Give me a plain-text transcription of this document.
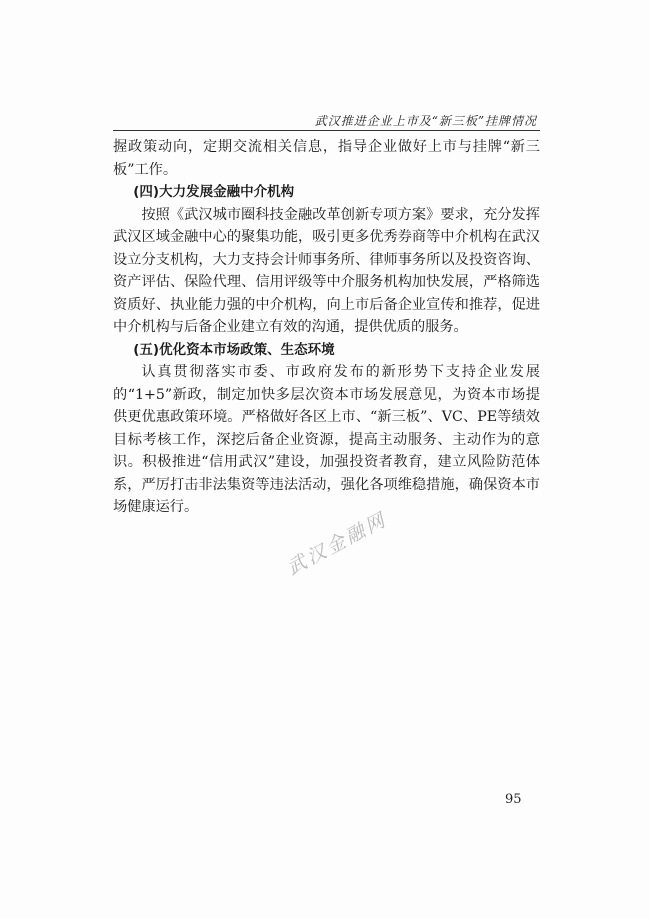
武汉推进企业上市及“新三板”挂牌情况

握政策动向，定期交流相关信息，指导企业做好上市与挂牌“新三板”工作。

(四)大力发展金融中介机构

按照《武汉城市圈科技金融改革创新专项方案》要求，充分发挥武汉区域金融中心的聚集功能，吸引更多优秀券商等中介机构在武汉设立分支机构，大力支持会计师事务所、律师事务所以及投资咨询、资产评估、保险代理、信用评级等中介服务机构加快发展，严格筛选资质好、执业能力强的中介机构，向上市后备企业宣传和推荐，促进中介机构与后备企业建立有效的沟通，提供优质的服务。

(五)优化资本市场政策、生态环境

认真贯彻落实市委、市政府发布的新形势下支持企业发展的“1+5”新政，制定加快多层次资本市场发展意见，为资本市场提供更优惠政策环境。严格做好各区上市、“新三板”、VC、PE等绩效目标考核工作，深挖后备企业资源，提高主动服务、主动作为的意识。积极推进“信用武汉”建设，加强投资者教育，建立风险防范体系，严厉打击非法集资等违法活动，强化各项维稳措施，确保资本市场健康运行。

武汉金融网
95
